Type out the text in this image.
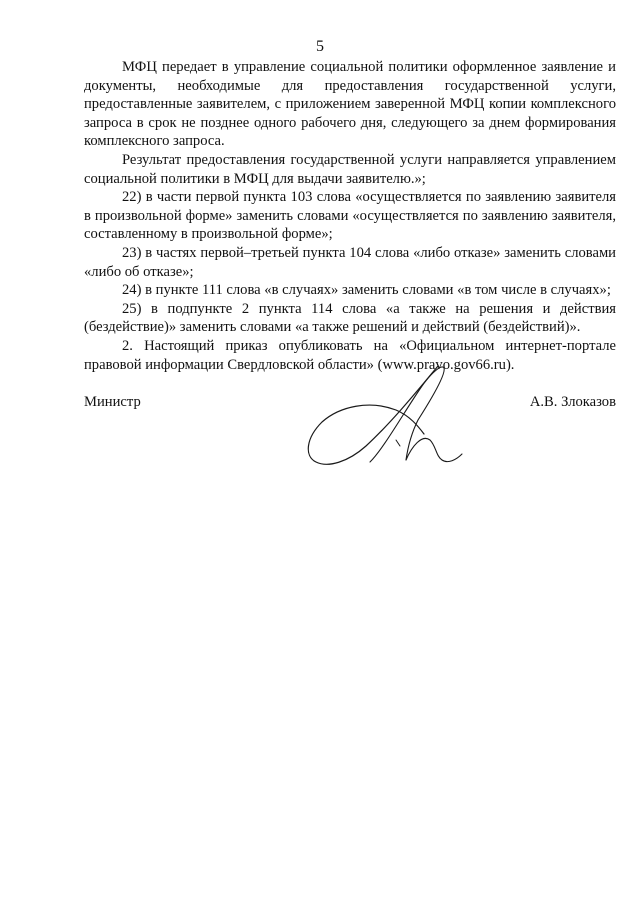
5

МФЦ передает в управление социальной политики оформленное заявление и документы, необходимые для предоставления государственной услуги, предоставленные заявителем, с приложением заверенной МФЦ копии комплексного запроса в срок не позднее одного рабочего дня, следующего за днем формирования комплексного запроса.

Результат предоставления государственной услуги направляется управлением социальной политики в МФЦ для выдачи заявителю.»;

22) в части первой пункта 103 слова «осуществляется по заявлению заявителя в произвольной форме» заменить словами «осуществляется по заявлению заявителя, составленному в произвольной форме»;

23) в частях первой–третьей пункта 104 слова «либо отказе» заменить словами «либо об отказе»;

24) в пункте 111 слова «в случаях» заменить словами «в том числе в случаях»;

25) в подпункте 2 пункта 114 слова «а также на решения и действия (бездействие)» заменить словами «а также решений и действий (бездействий)».

2. Настоящий приказ опубликовать на «Официальном интернет-портале правовой информации Свердловской области» (www.pravo.gov66.ru).

Министр	А.В. Злоказов
